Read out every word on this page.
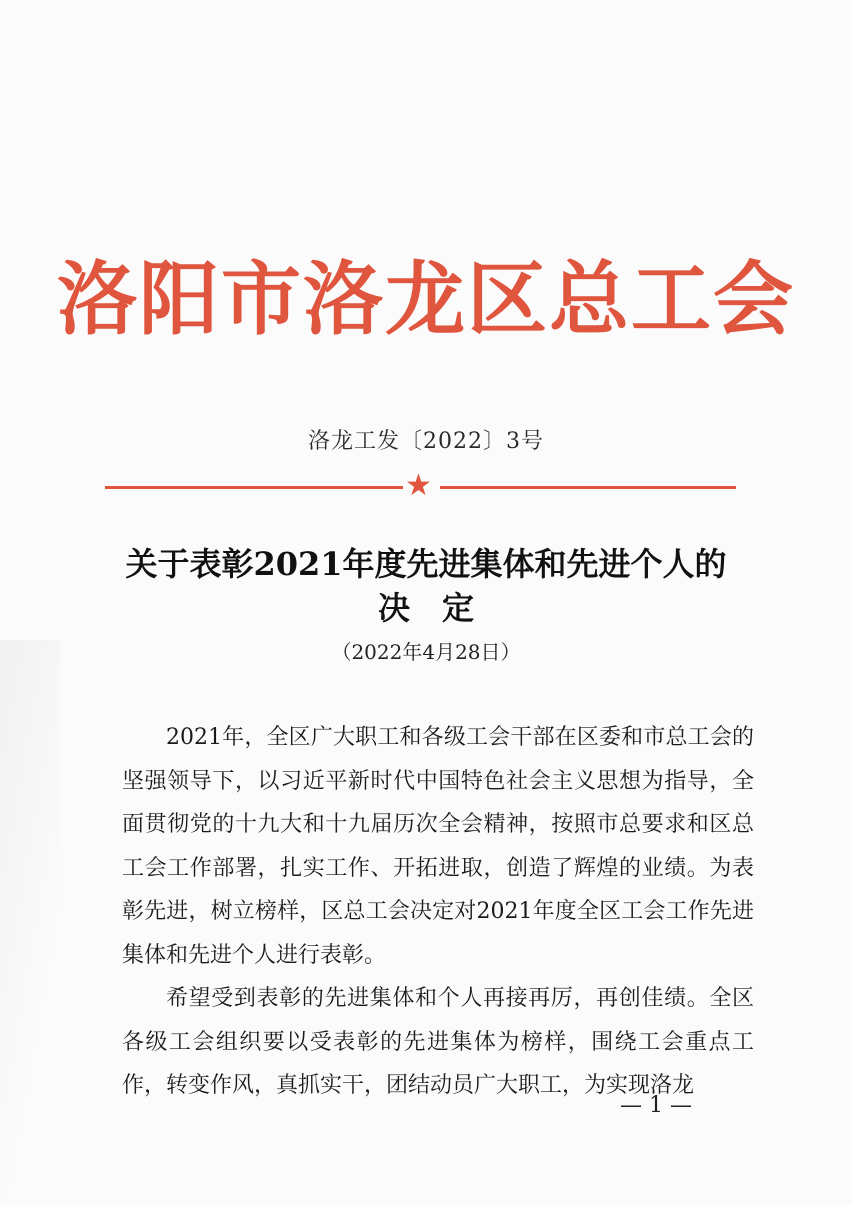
洛阳市洛龙区总工会
洛龙工发〔2022〕3号
★
关于表彰2021年度先进集体和先进个人的
决　定
（2022年4月28日）

2021年，全区广大职工和各级工会干部在区委和市总工会的坚强领导下，以习近平新时代中国特色社会主义思想为指导，全面贯彻党的十九大和十九届历次全会精神，按照市总要求和区总工会工作部署，扎实工作、开拓进取，创造了辉煌的业绩。为表彰先进，树立榜样，区总工会决定对2021年度全区工会工作先进集体和先进个人进行表彰。

希望受到表彰的先进集体和个人再接再厉，再创佳绩。全区各级工会组织要以受表彰的先进集体为榜样，围绕工会重点工作，转变作风，真抓实干，团结动员广大职工，为实现洛龙

— 1 —
